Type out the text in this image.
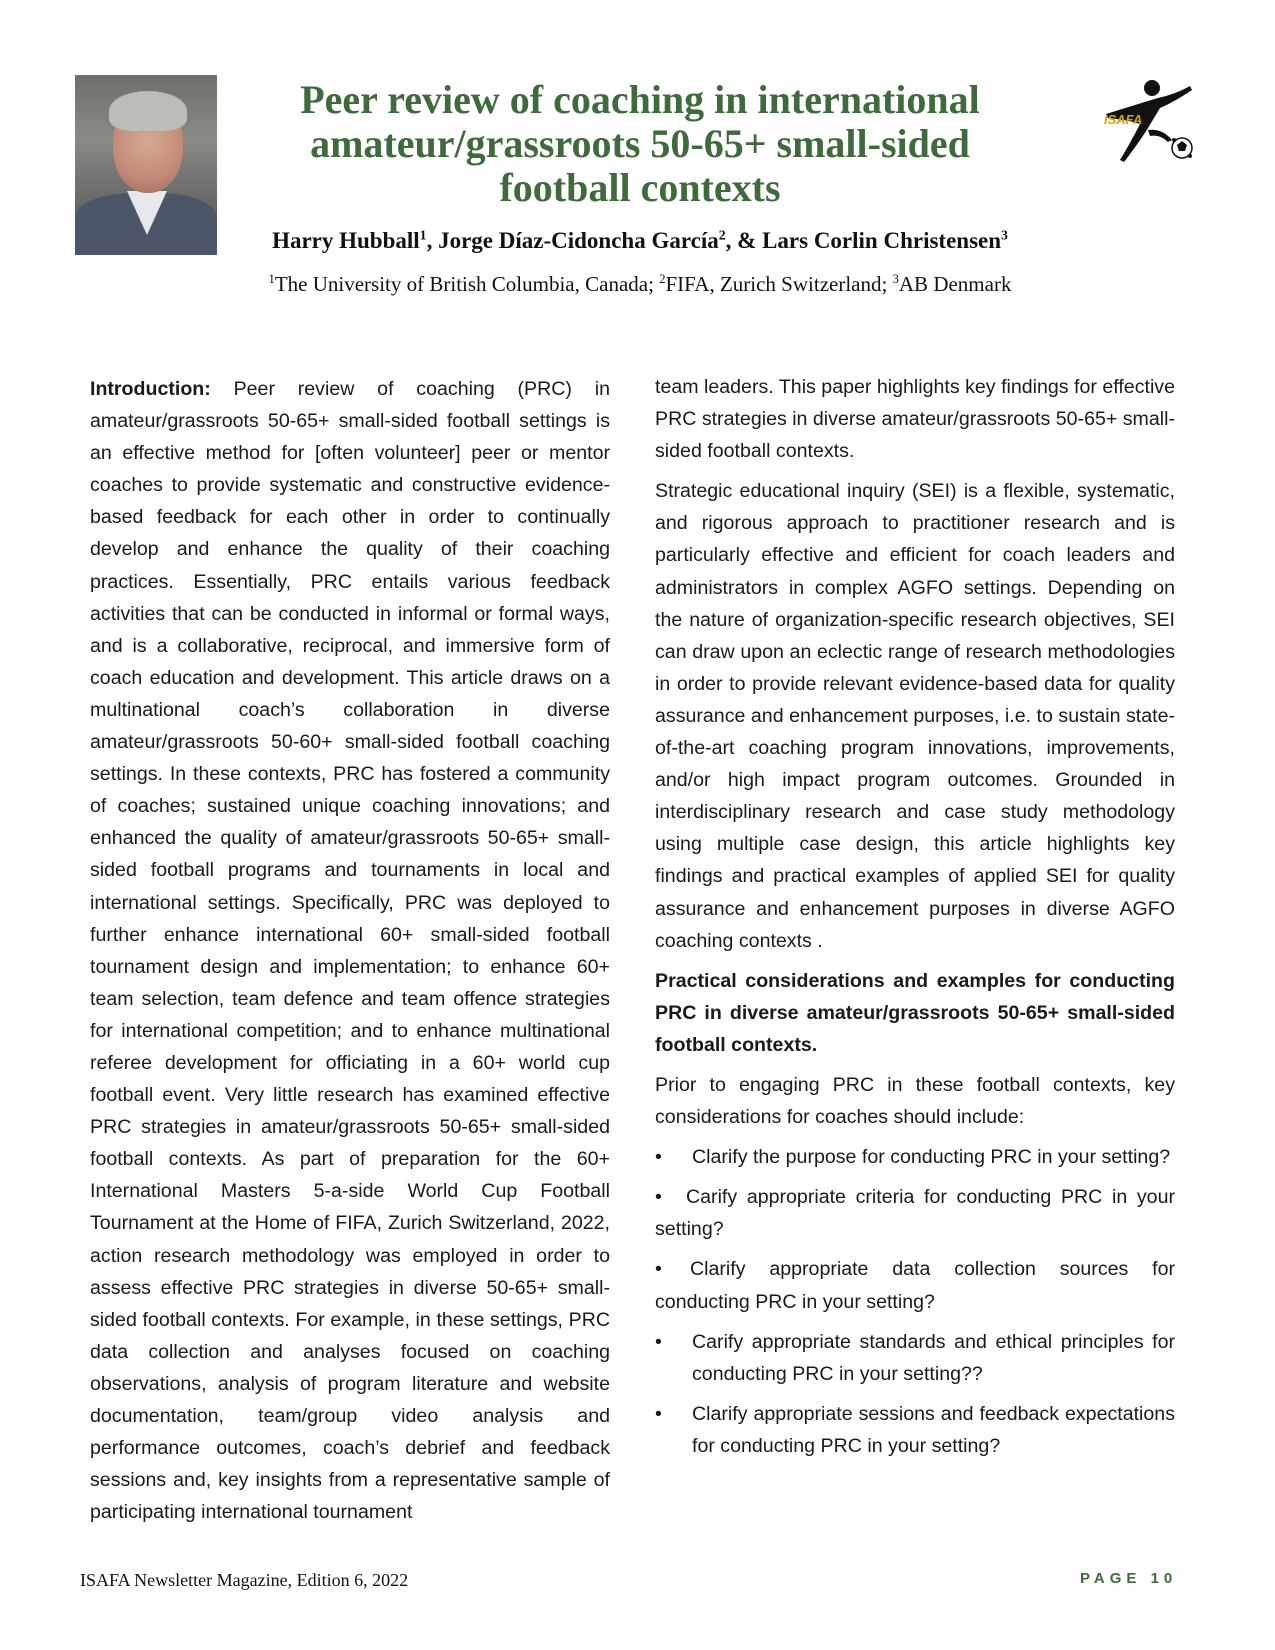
Peer review of coaching in international amateur/grassroots 50-65+ small-sided football contexts
ISAFA
Harry Hubball$^1$, Jorge Díaz-Cidoncha García$^2$, & Lars Corlin Christensen$^3$
$^1$The University of British Columbia, Canada; $^2$FIFA, Zurich Switzerland; $^3$AB Denmark

Introduction: Peer review of coaching (PRC) in amateur/grassroots 50-65+ small-sided football settings is an effective method for [often volunteer] peer or mentor coaches to provide systematic and constructive evidence-based feedback for each other in order to continually develop and enhance the quality of their coaching practices. Essentially, PRC entails various feedback activities that can be conducted in informal or formal ways, and is a collaborative, reciprocal, and immersive form of coach education and development. This article draws on a multinational coach’s collaboration in diverse amateur/grassroots 50-60+ small-sided football coaching settings. In these contexts, PRC has fostered a community of coaches; sustained unique coaching innovations; and enhanced the quality of amateur/grassroots 50-65+ small-sided football programs and tournaments in local and international settings. Specifically, PRC was deployed to further enhance international 60+ small-sided football tournament design and implementation; to enhance 60+ team selection, team defence and team offence strategies for international competition; and to enhance multinational referee development for officiating in a 60+ world cup football event. Very little research has examined effective PRC strategies in amateur/grassroots 50-65+ small-sided football contexts. As part of preparation for the 60+ International Masters 5-a-side World Cup Football Tournament at the Home of FIFA, Zurich Switzerland, 2022, action research methodology was employed in order to assess effective PRC strategies in diverse 50-65+ small-sided football contexts. For example, in these settings, PRC data collection and analyses focused on coaching observations, analysis of program literature and website documentation, team/group video analysis and performance outcomes, coach’s debrief and feedback sessions and, key insights from a representative sample of participating international tournament

team leaders. This paper highlights key findings for effective PRC strategies in diverse amateur/grassroots 50-65+ small-sided football contexts.

Strategic educational inquiry (SEI) is a flexible, systematic, and rigorous approach to practitioner research and is particularly effective and efficient for coach leaders and administrators in complex AGFO settings. Depending on the nature of organization-specific research objectives, SEI can draw upon an eclectic range of research methodologies in order to provide relevant evidence-based data for quality assurance and enhancement purposes, i.e. to sustain state-of-the-art coaching program innovations, improvements, and/or high impact program outcomes. Grounded in interdisciplinary research and case study methodology using multiple case design, this article highlights key findings and practical examples of applied SEI for quality assurance and enhancement purposes in diverse AGFO coaching contexts .

Practical considerations and examples for conducting PRC in diverse amateur/grassroots 50-65+ small-sided football contexts.

Prior to engaging PRC in these football contexts, key considerations for coaches should include:

• Clarify the purpose for conducting PRC in your setting?
• Carify appropriate criteria for conducting PRC in your setting?
• Clarify appropriate data collection sources for conducting PRC in your setting?
•	Carify appropriate standards and ethical principles for conducting PRC in your setting??
•	Clarify appropriate sessions and feedback expectations for conducting PRC in your setting?
ISAFA Newsletter Magazine, Edition 6, 2022	PAGE 10
